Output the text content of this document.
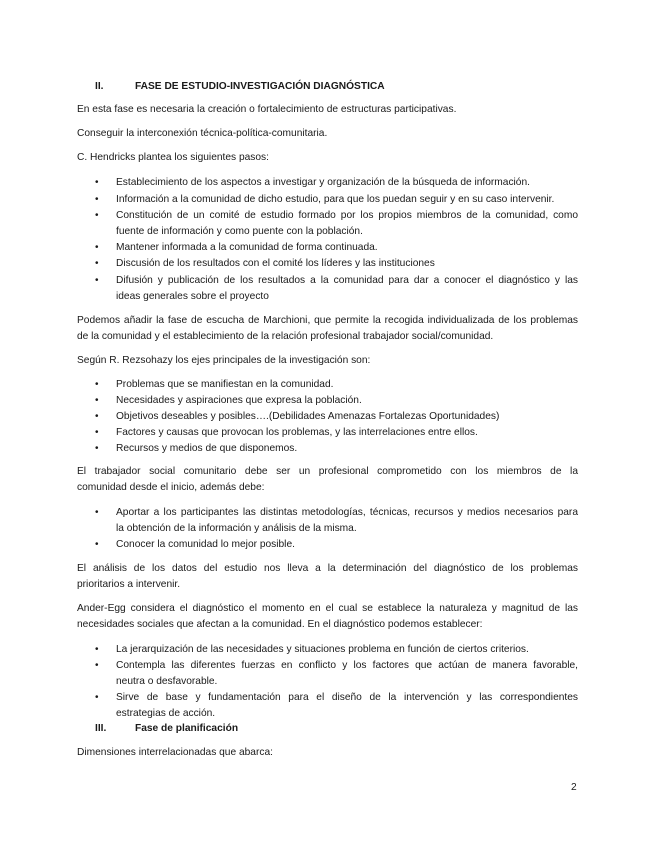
II.	FASE DE ESTUDIO-INVESTIGACIÓN DIAGNÓSTICA
En esta fase es necesaria la creación o fortalecimiento de estructuras participativas.
Conseguir la interconexión técnica-política-comunitaria.
C. Hendricks plantea los siguientes pasos:
• Establecimiento de los aspectos a investigar y organización de la búsqueda de información.
• Información a la comunidad de dicho estudio, para que los puedan seguir y en su caso intervenir.
• Constitución de un comité de estudio formado por los propios miembros de la comunidad, como
fuente de información y como puente con la población.
• Mantener informada a la comunidad de forma continuada.
• Discusión de los resultados con el comité los líderes y las instituciones
• Difusión y publicación de los resultados a la comunidad para dar a conocer el diagnóstico y las
ideas generales sobre el proyecto
Podemos añadir la fase de escucha de Marchioni, que permite la recogida individualizada de los problemas
de la comunidad y el establecimiento de la relación profesional trabajador social/comunidad.
Según R. Rezsohazy los ejes principales de la investigación son:
• Problemas que se manifiestan en la comunidad.
• Necesidades y aspiraciones que expresa la población.
• Objetivos deseables y posibles….(Debilidades Amenazas Fortalezas Oportunidades)
• Factores y causas que provocan los problemas, y las interrelaciones entre ellos.
• Recursos y medios de que disponemos.
El trabajador social comunitario debe ser un profesional comprometido con los miembros de la
comunidad desde el inicio, además debe:
• Aportar a los participantes las distintas metodologías, técnicas, recursos y medios necesarios para
la obtención de la información y análisis de la misma.
• Conocer la comunidad lo mejor posible.
El análisis de los datos del estudio nos lleva a la determinación del diagnóstico de los problemas
prioritarios a intervenir.
Ander-Egg considera el diagnóstico el momento en el cual se establece la naturaleza y magnitud de las
necesidades sociales que afectan a la comunidad. En el diagnóstico podemos establecer:
• La jerarquización de las necesidades y situaciones problema en función de ciertos criterios.
• Contempla las diferentes fuerzas en conflicto y los factores que actúan de manera favorable,
neutra o desfavorable.
• Sirve de base y fundamentación para el diseño de la intervención y las correspondientes
estrategias de acción.
III.	Fase de planificación
Dimensiones interrelacionadas que abarca:
2
